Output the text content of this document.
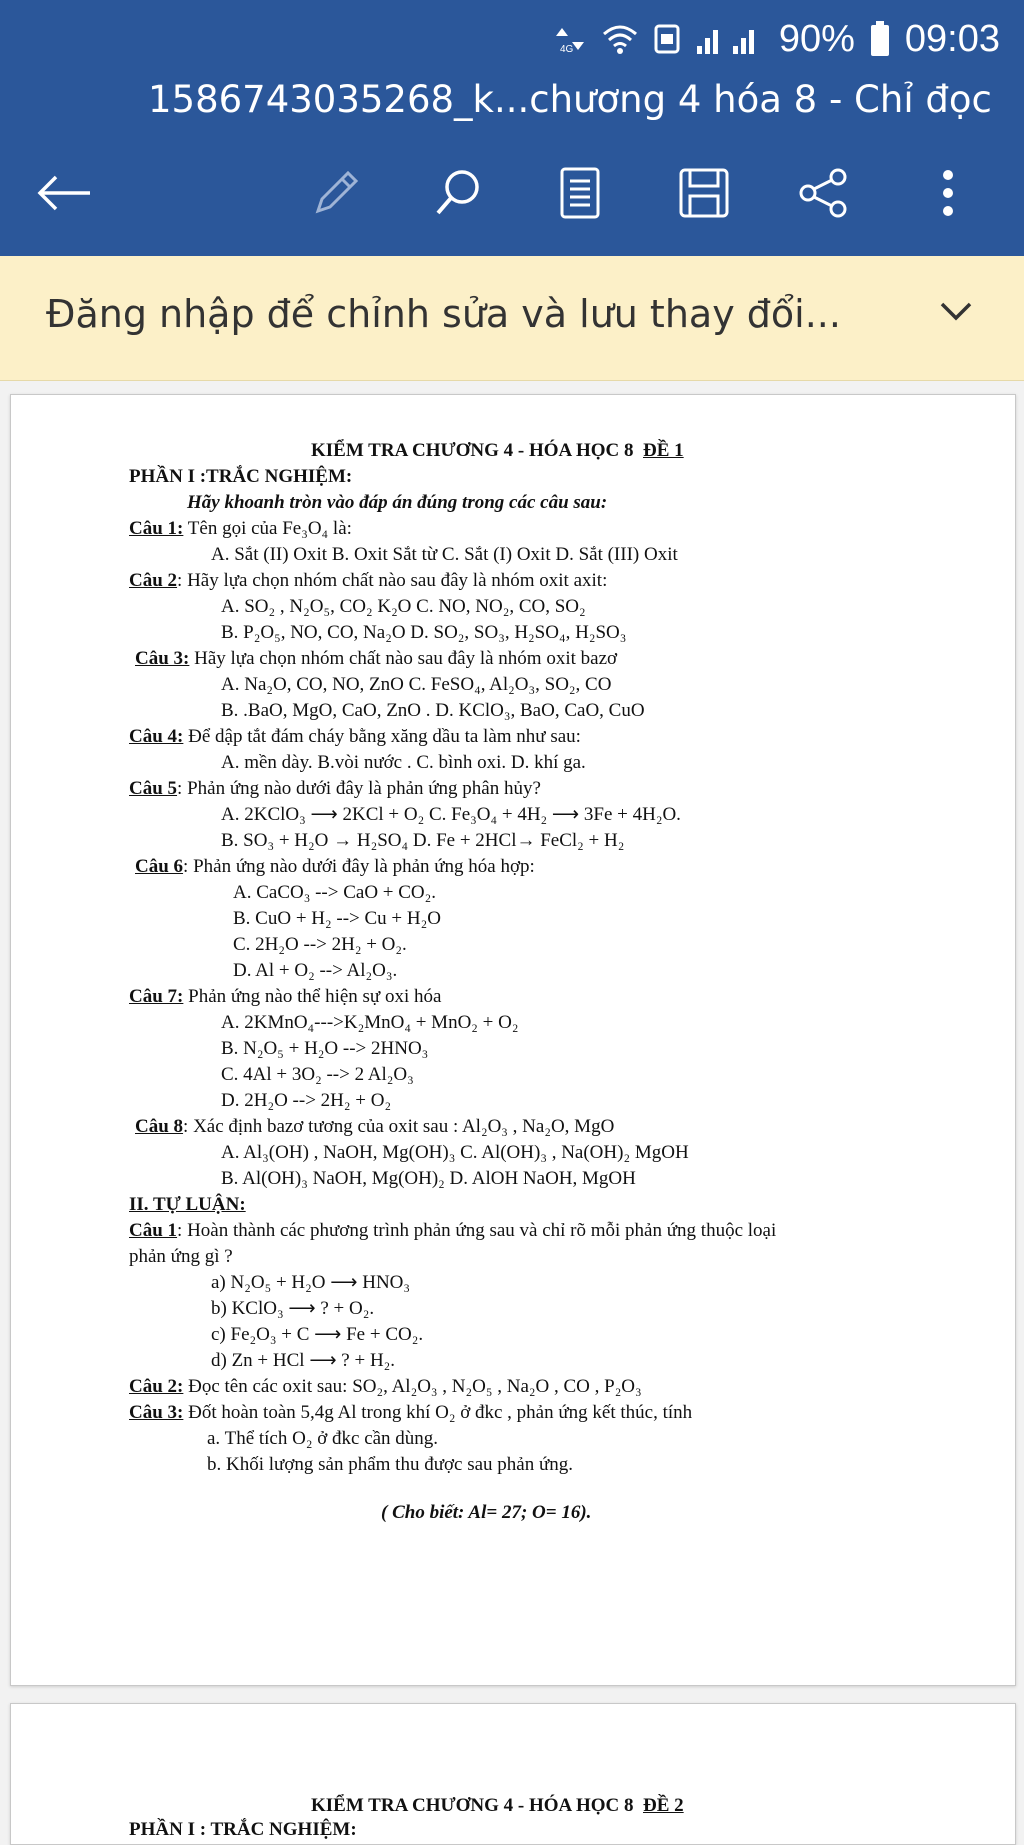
4G	90% 09:03
1586743035268_k...chương 4 hóa 8 - Chỉ đọc
Đăng nhập để chỉnh sửa và lưu thay đổi...
KIỂM TRA CHƯƠNG 4 - HÓA HỌC 8 ĐỀ 1
PHẦN I :TRẮC NGHIỆM:
Hãy khoanh tròn vào đáp án đúng trong các câu sau:
Câu 1: Tên gọi của Fe₃O₄ là:
A. Sắt (II) Oxit B. Oxit Sắt từ C. Sắt (I) Oxit D. Sắt (III) Oxit
Câu 2: Hãy lựa chọn nhóm chất nào sau đây là nhóm oxit axit:
A. SO₂ , N₂O₅, CO₂ K₂O C. NO, NO₂, CO, SO₂
B. P₂O₅, NO, CO, Na₂O D. SO₂, SO₃, H₂SO₄, H₂SO₃
Câu 3: Hãy lựa chọn nhóm chất nào sau đây là nhóm oxit bazơ
A. Na₂O, CO, NO, ZnO C. FeSO₄, Al₂O₃, SO₂, CO
B. .BaO, MgO, CaO, ZnO . D. KClO₃, BaO, CaO, CuO
Câu 4: Để dập tắt đám cháy bằng xăng dầu ta làm như sau:
A. mền dày. B.vòi nước . C. bình oxi. D. khí ga.
Câu 5: Phản ứng nào dưới đây là phản ứng phân hủy?
A. 2KClO₃ ⟶ 2KCl + O₂ C. Fe₃O₄ + 4H₂ ⟶ 3Fe + 4H₂O.
B. SO₃ + H₂O → H₂SO₄ D. Fe + 2HCl→ FeCl₂ + H₂
Câu 6: Phản ứng nào dưới đây là phản ứng hóa hợp:
A. CaCO₃ --> CaO + CO₂.
B. CuO + H₂ --> Cu + H₂O
C. 2H₂O --> 2H₂ + O₂.
D. Al + O₂ --> Al₂O₃.
Câu 7: Phản ứng nào thể hiện sự oxi hóa
A. 2KMnO₄--->K₂MnO₄ + MnO₂ + O₂
B. N₂O₅ + H₂O --> 2HNO₃
C. 4Al + 3O₂ --> 2 Al₂O₃
D. 2H₂O --> 2H₂ + O₂
Câu 8: Xác định bazơ tương của oxit sau : Al₂O₃ , Na₂O, MgO
A. Al₃(OH) , NaOH, Mg(OH)₃ C. Al(OH)₃ , Na(OH)₂ MgOH
B. Al(OH)₃ NaOH, Mg(OH)₂ D. AlOH NaOH, MgOH
II. TỰ LUẬN:
Câu 1: Hoàn thành các phương trình phản ứng sau và chỉ rõ mỗi phản ứng thuộc loại
phản ứng gì ?
a) N₂O₅ + H₂O ⟶ HNO₃
b) KClO₃ ⟶ ? + O₂.
c) Fe₂O₃ + C ⟶ Fe + CO₂.
d) Zn + HCl ⟶ ? + H₂.
Câu 2: Đọc tên các oxit sau: SO₂, Al₂O₃ , N₂O₅ , Na₂O , CO , P₂O₃
Câu 3: Đốt hoàn toàn 5,4g Al trong khí O₂ ở đkc , phản ứng kết thúc, tính
a. Thể tích O₂ ở đkc cần dùng.
b. Khối lượng sản phẩm thu được sau phản ứng.
( Cho biết: Al= 27; O= 16).
KIỂM TRA CHƯƠNG 4 - HÓA HỌC 8 ĐỀ 2
PHẦN I : TRẮC NGHIỆM:
